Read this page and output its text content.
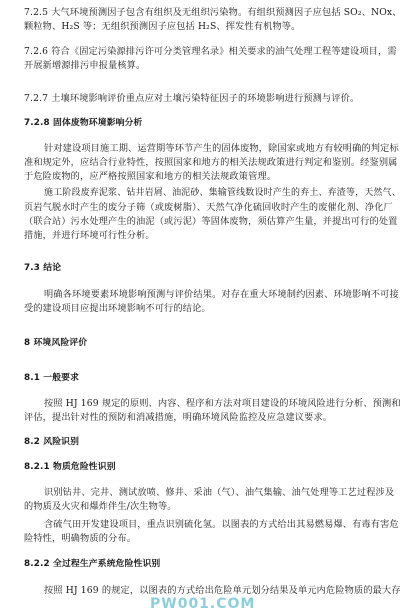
7.2.5 大气环境预测因子包含有组织及无组织污染物。有组织预测因子应包括 SO₂、NOx、
颗粒物、H₂S 等；无组织预测因子应包括 H₂S、挥发性有机物等。
7.2.6 符合《固定污染源排污许可分类管理名录》相关要求的油气处理工程等建设项目，需
开展新增源排污申报量核算。
7.2.7 土壤环境影响评价重点应对土壤污染特征因子的环境影响进行预测与评价。
7.2.8 固体废物环境影响分析
针对建设项目施工期、运营期等环节产生的固体废物，除国家或地方有较明确的判定标
准和规定外，应结合行业特性，按照国家和地方的相关法规政策进行判定和鉴别。经鉴别属
于危险废物的，应严格按照国家和地方的相关法规政策管理。
施工阶段废弃泥浆、钻井岩屑、油泥砂、集输管线数设时产生的弃土、弃渣等，天然气、
页岩气脱水时产生的废分子筛（或废树脂）、天然气净化硫回收时产生的废催化剂、净化厂
（联合站）污水处理产生的油泥（或污泥）等固体废物，须估算产生量，并提出可行的处置
措施，并进行环境可行性分析。
7.3 结论
明确各环境要素环境影响预测与评价结果。对存在重大环境制约因素、环境影响不可接
受的建设项目应提出环境影响不可行的结论。
8 环境风险评价
8.1 一般要求
按照 HJ 169 规定的原则、内容、程序和方法对项目建设的环境风险进行分析、预测和
评估，提出针对性的预防和消减措施，明确环境风险监控及应急建议要求。
8.2 风险识别
8.2.1 物质危险性识别
识别钻井、完井、测试放喷、修井、采油（气）、油气集输、油气处理等工艺过程涉及
的物质及火灾和爆炸伴生/次生物等。
含硫气田开发建设项目，重点识别硫化氢。以图表的方式给出其易燃易爆、有毒有害危
险特性，明确物质的分布。
8.2.2 全过程生产系统危险性识别
按照 HJ 169 的规定，以图表的方式给出危险单元划分结果及单元内危险物质的最大存
PW001.COM
